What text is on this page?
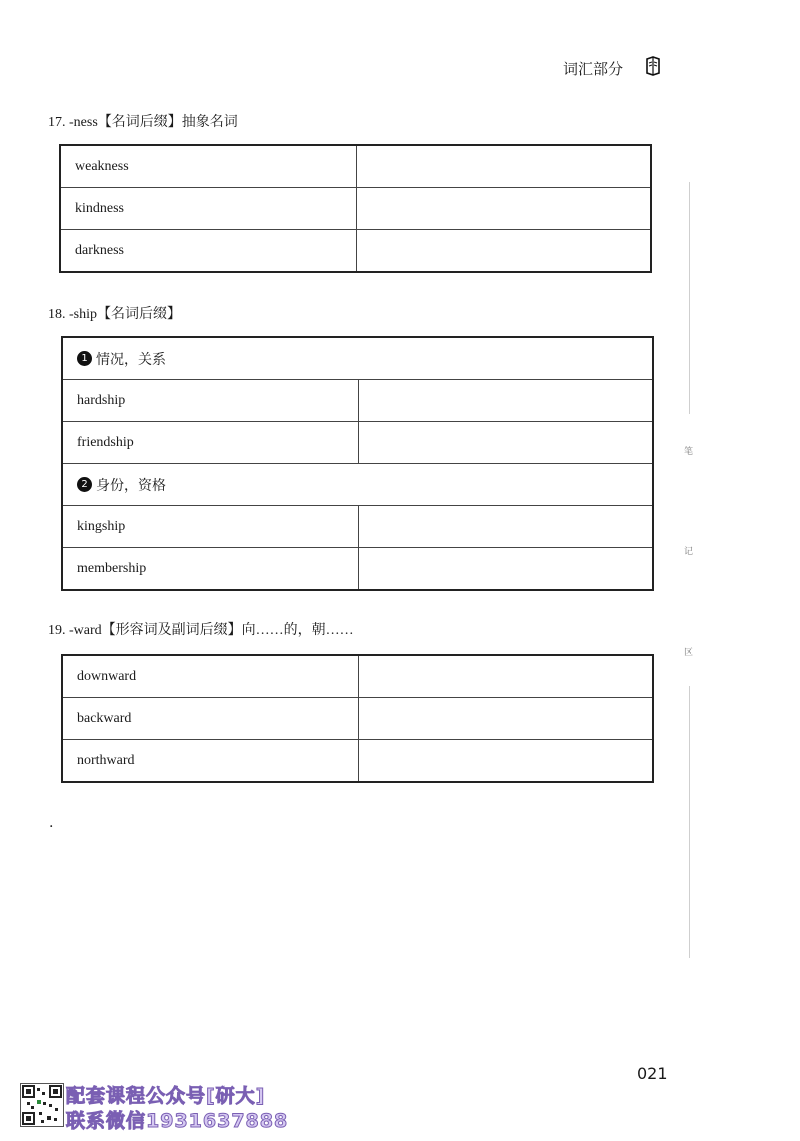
词汇部分
17. -ness【名词后缀】抽象名词
weakness	
kindness	
darkness	
18. -ship【名词后缀】
1 情况，关系	

hardship	
friendship	

2 身份，资格	

kingship	
membership	
19. -ward【形容词及副词后缀】向……的，朝……
downward	
backward	
northward	
.
笔
记
区
021
配套课程公众号[研大]
联系微信1931637888
